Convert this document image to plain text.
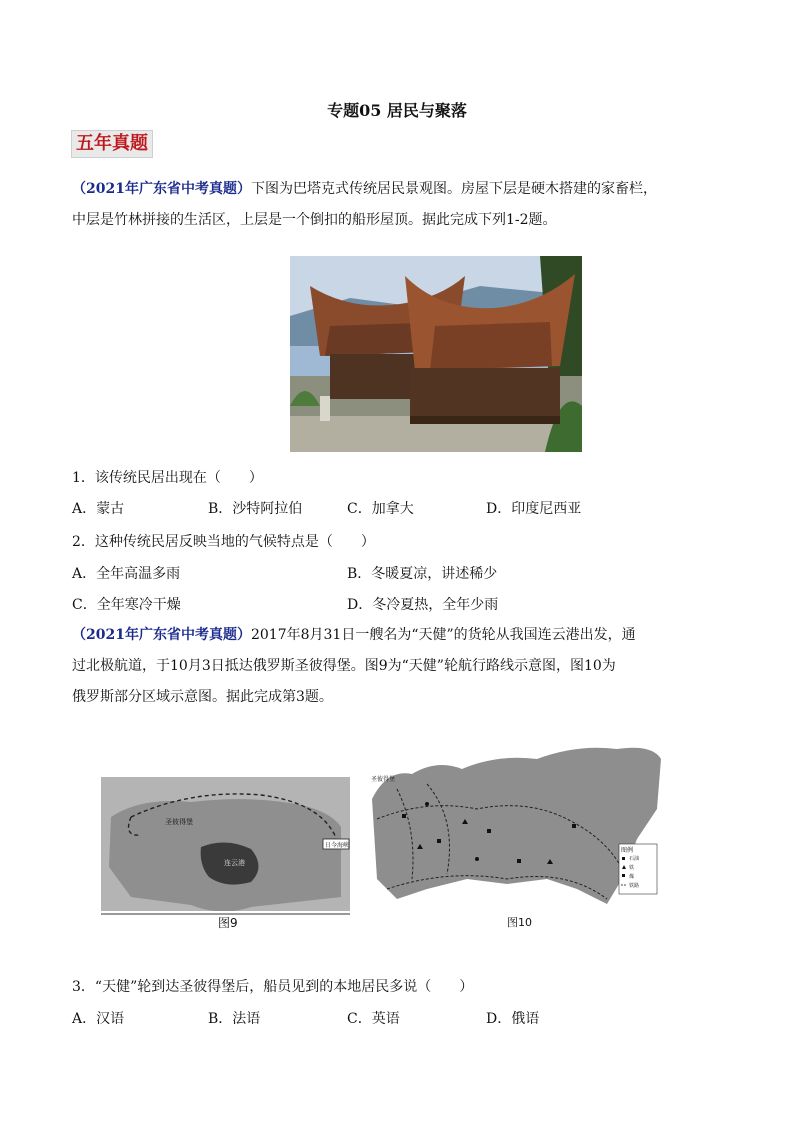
专题05 居民与聚落
五年真题
（2021年广东省中考真题）下图为巴塔克式传统居民景观图。房屋下层是硬木搭建的家畜栏，
中层是竹林拼接的生活区，上层是一个倒扣的船形屋顶。据此完成下列1-2题。
1．该传统民居出现在（　　）
A．蒙古	B．沙特阿拉伯	C．加拿大	D．印度尼西亚
2．这种传统民居反映当地的气候特点是（　　）
A．全年高温多雨	B．冬暖夏凉，讲述稀少
C．全年寒冷干燥	D．冬冷夏热，全年少雨
（2021年广东省中考真题）2017年8月31日一艘名为“天健”的货轮从我国连云港出发，通
过北极航道，于10月3日抵达俄罗斯圣彼得堡。图9为“天健”轮航行路线示意图，图10为
俄罗斯部分区域示意图。据此完成第3题。
圣彼得堡
连云港
日今海峡
图9
圣彼得堡
图例
石油
铁
煤
铁路
图10
3．“天健”轮到达圣彼得堡后，船员见到的本地居民多说（　　）
A．汉语	B．法语	C．英语	D．俄语
